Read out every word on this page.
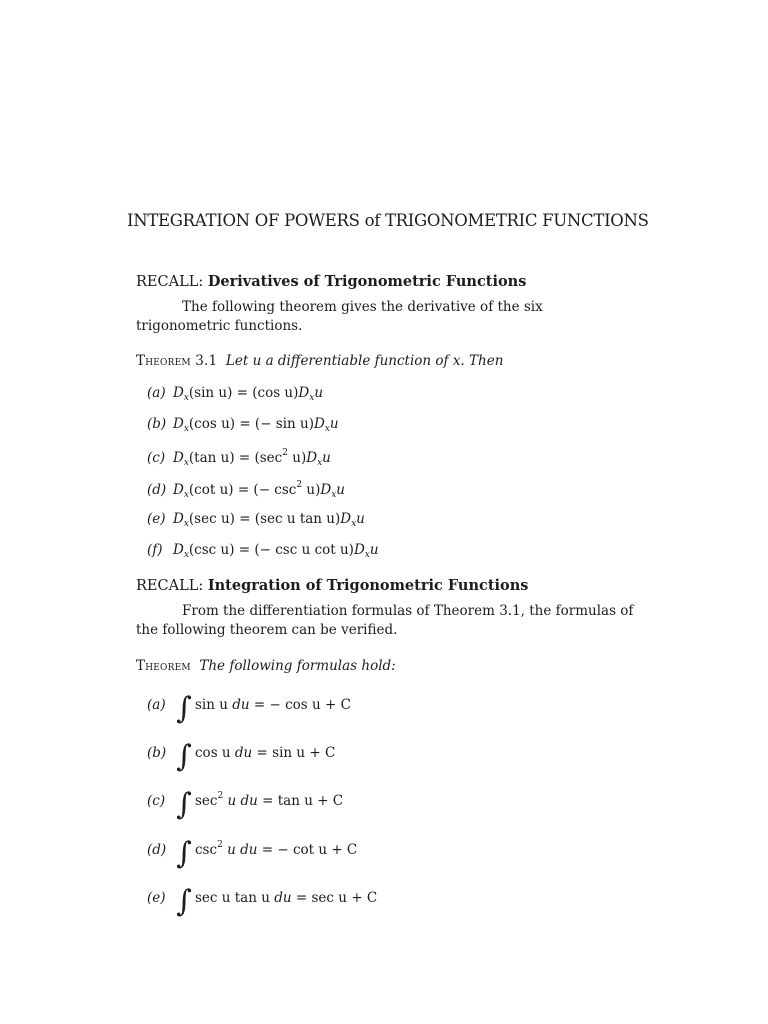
INTEGRATION OF POWERS of TRIGONOMETRIC FUNCTIONS
RECALL: Derivatives of Trigonometric Functions
The following theorem gives the derivative of the six trigonometric functions.
Theorem 3.1 Let u a differentiable function of x. Then
(a) $D_x(\sin$ u) = (cos $u)D_xu$
(b) $D_x(\cos$ u) = (− $\sin u)D_xu$
(c) $D_x(\tan$ $u) = (\sec^2$ $u)D_xu$
(d) $D_x(\cot$ u) = (− $\csc^2 u)D_xu$
(e) $D_x(\sec$ u) = (sec u $\tan u)D_xu$
(f) $D_x(\csc$ u) = (− csc u $\cot u)D_xu$
RECALL: Integration of Trigonometric Functions
From the differentiation formulas of Theorem 3.1, the formulas of the following theorem can be verified.
Theorem The following formulas hold:
(a) ∫ sin u du = − cos u + C
(b) ∫ cos u du = sin u + C
(c) ∫ $\sec^2 u$ du = tan u + C
(d) ∫ $\csc^2 u$ du = − cot u + C
(e) ∫ sec u tan u du = sec u + C
